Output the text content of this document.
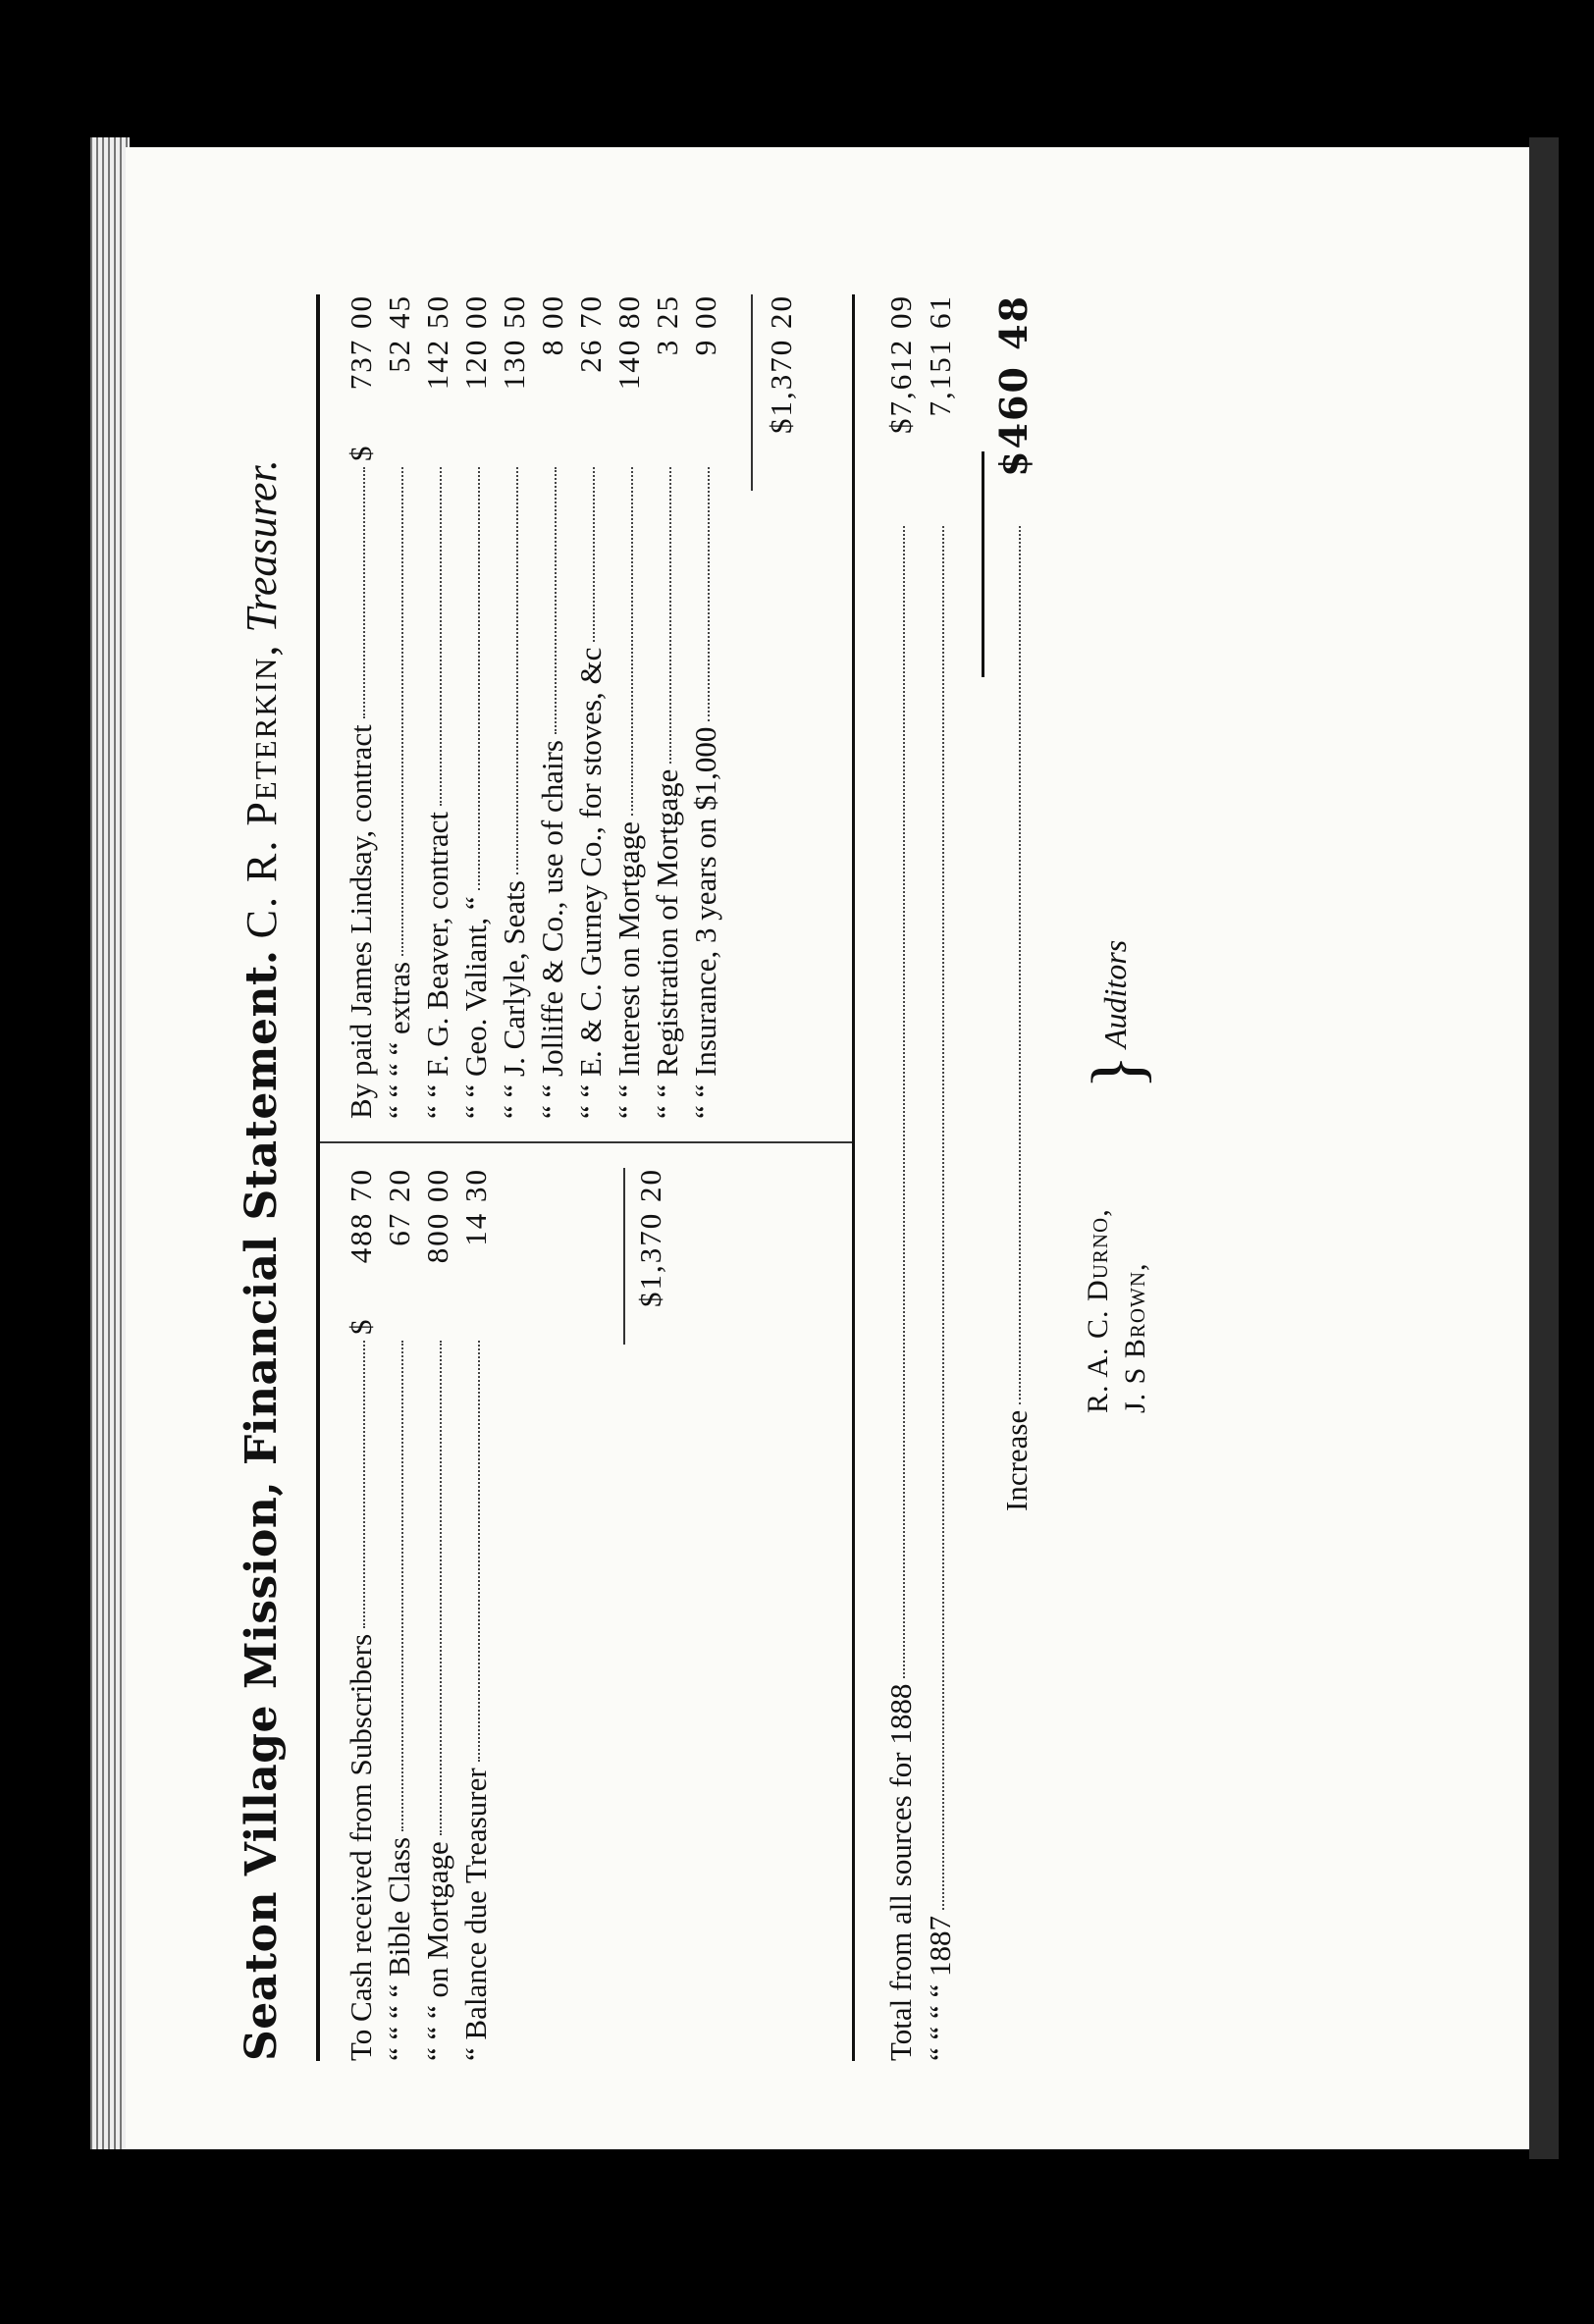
Seaton Village Mission, Financial Statement. C. R. Peterkin, Treasurer.
To Cash received from Subscribers
$
488 70
“ “ “ “ Bible Class
67 20
“ “ “ on Mortgage
800 00
“ Balance due Treasurer
14 30	$1,370 20
By paid James Lindsay, contract
$
737 00
“ “ “ “ extras
52 45
“ “ F. G. Beaver, contract
142 50
“ “ Geo. Valiant, “
120 00
“ “ J. Carlyle, Seats
130 50
“ “ Jolliffe & Co., use of chairs
8 00
“ “ E. & C. Gurney Co., for stoves, &c
26 70
“ “ Interest on Mortgage
140 80
“ “ Registration of Mortgage
3 25
“ “ Insurance, 3 years on $1,000
9 00 $1,370 20
Total from all sources for 1888
$7,612 09
“ “ “ “ 1887
7,151 61
Increase
$460 48
R. A. C. Durno, J. S Brown,
}
Auditors
